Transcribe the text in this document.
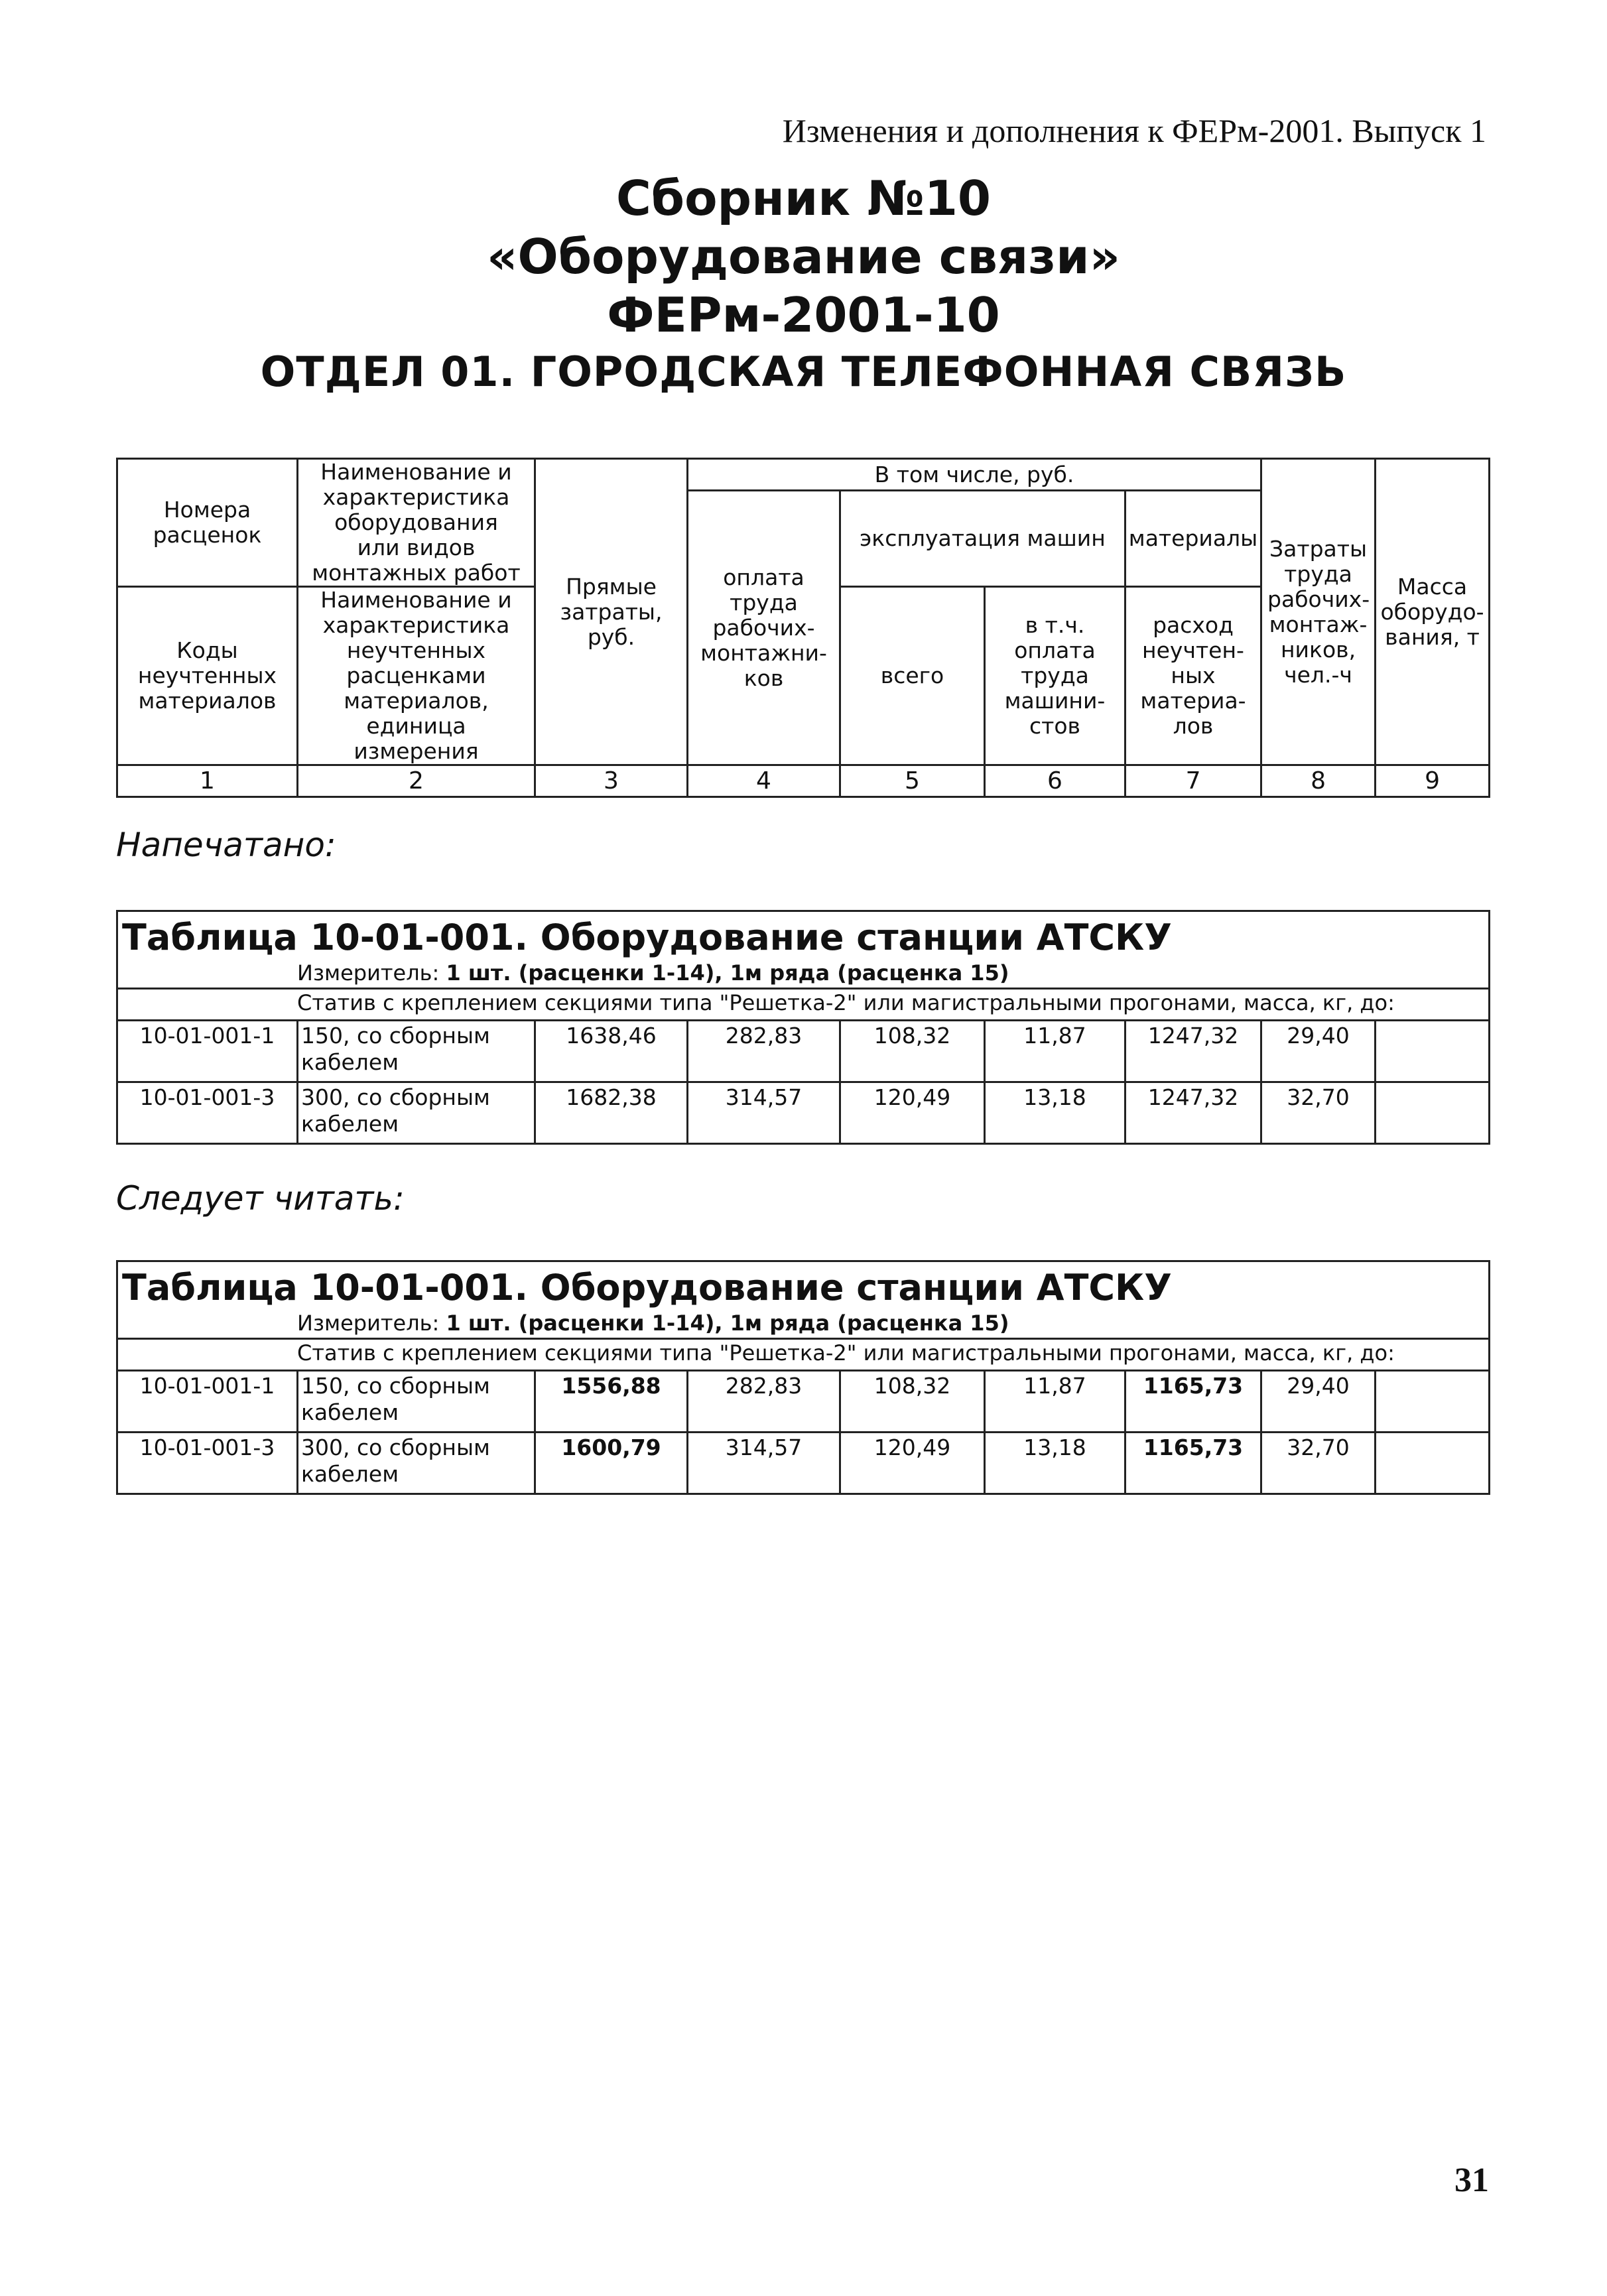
Изменения и дополнения к ФЕРм-2001. Выпуск 1
Сборник №10
«Оборудование связи»
ФЕРм-2001-10
ОТДЕЛ 01. ГОРОДСКАЯ ТЕЛЕФОННАЯ СВЯЗЬ
Номера расценок	Наименование и характеристика оборудования или видов монтажных работ	Прямые затраты, руб.	В том числе, руб.				Затраты труда рабочих-монтаж-ников, чел.-ч	Масса оборудо-вания, т
			оплата труда рабочих-монтажни-ков	эксплуатация машин		материалы		

Коды неучтенных материалов	Наименование и характеристика неучтенных расценками материалов, единица измерения			всего	в т.ч. оплата труда машини-стов	расход неучтен-ных материа-лов		

1	2	3	4	5	6	7	8	9
Напечатано:
Таблица 10-01-001. Оборудование станции АТСКУ								
Измеритель: 1 шт. (расценки 1-14), 1м ряда (расценка 15)								
Статив с креплением секциями типа "Решетка-2" или магистральными прогонами, масса, кг, до:								
10-01-001-1	150, со сборным кабелем	1638,46	282,83	108,32	11,87	1247,32	29,40	
10-01-001-3	300, со сборным кабелем	1682,38	314,57	120,49	13,18	1247,32	32,70	
Следует читать:
Таблица 10-01-001. Оборудование станции АТСКУ								
Измеритель: 1 шт. (расценки 1-14), 1м ряда (расценка 15)								
Статив с креплением секциями типа "Решетка-2" или магистральными прогонами, масса, кг, до:								
10-01-001-1	150, со сборным кабелем	1556,88	282,83	108,32	11,87	1165,73	29,40	
10-01-001-3	300, со сборным кабелем	1600,79	314,57	120,49	13,18	1165,73	32,70	
31
